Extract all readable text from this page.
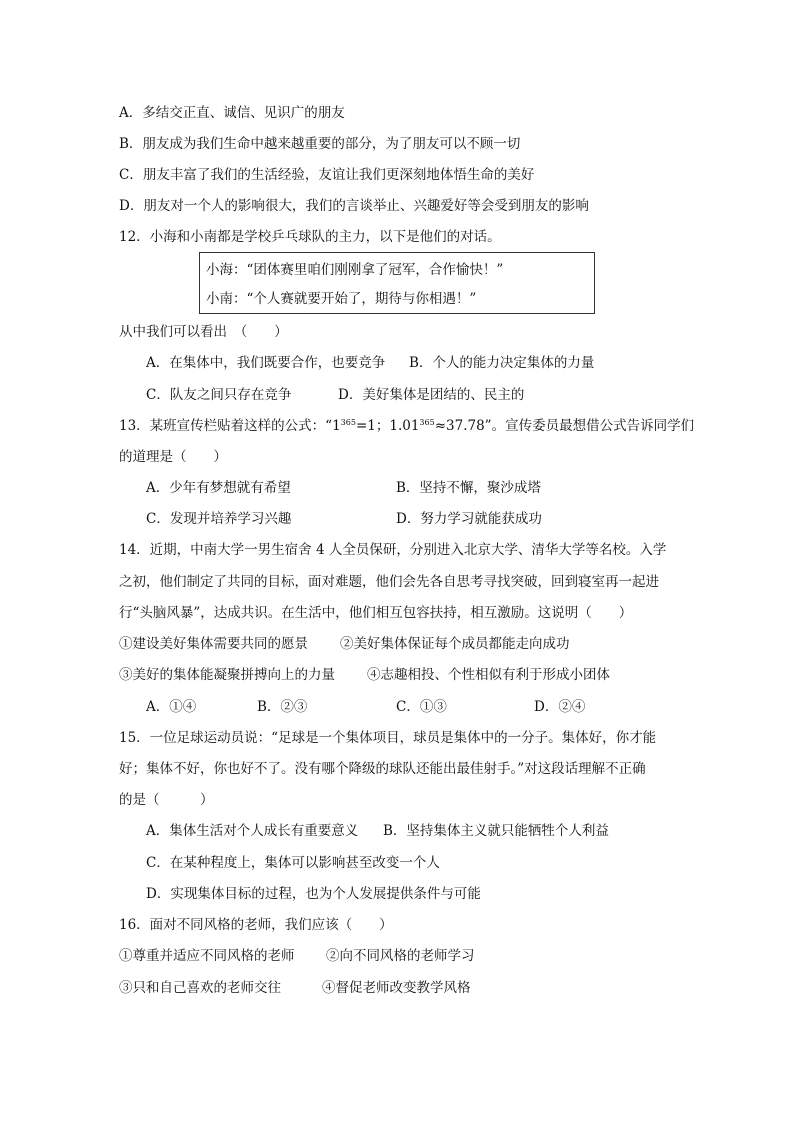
A．多结交正直、诚信、见识广的朋友
B．朋友成为我们生命中越来越重要的部分，为了朋友可以不顾一切
C．朋友丰富了我们的生活经验，友谊让我们更深刻地体悟生命的美好
D．朋友对一个人的影响很大，我们的言谈举止、兴趣爱好等会受到朋友的影响
12．小海和小南都是学校乒乓球队的主力，以下是他们的对话。
小海：“团体赛里咱们刚刚拿了冠军，合作愉快！”
小南：“个人赛就要开始了，期待与你相遇！”
从中我们可以看出　（　　）
A．在集体中，我们既要合作，也要竞争 B．个人的能力决定集体的力量
C．队友之间只存在竞争	D．美好集体是团结的、民主的
13．某班宣传栏贴着这样的公式：“$1^{365}=1$；$1.01^{365}\approx 37.78$”。宣传委员最想借公式告诉同学们
的道理是（　　）
A．少年有梦想就有希望	B．坚持不懈，聚沙成塔
C．发现并培养学习兴趣	D．努力学习就能获成功
14．近期，中南大学一男生宿舍 4 人全员保研，分别进入北京大学、清华大学等名校。入学
之初，他们制定了共同的目标，面对难题，他们会先各自思考寻找突破，回到寝室再一起进
行“头脑风暴”，达成共识。在生活中，他们相互包容扶持，相互激励。这说明（　　）
①建设美好集体需要共同的愿景 ②美好集体保证每个成员都能走向成功
③美好的集体能凝聚拼搏向上的力量 ④志趣相投、个性相似有利于形成小团体
A．①④	B．②③	C．①③	D．②④
15．一位足球运动员说：“足球是一个集体项目，球员是集体中的一分子。集体好，你才能
好；集体不好，你也好不了。没有哪个降级的球队还能出最佳射手。”对这段话理解不正确
的是（　　　）
A．集体生活对个人成长有重要意义 B．坚持集体主义就只能牺牲个人利益
C．在某种程度上，集体可以影响甚至改变一个人
D．实现集体目标的过程，也为个人发展提供条件与可能
16．面对不同风格的老师，我们应该（　　）
①尊重并适应不同风格的老师 ②向不同风格的老师学习
③只和自己喜欢的老师交往	④督促老师改变教学风格
